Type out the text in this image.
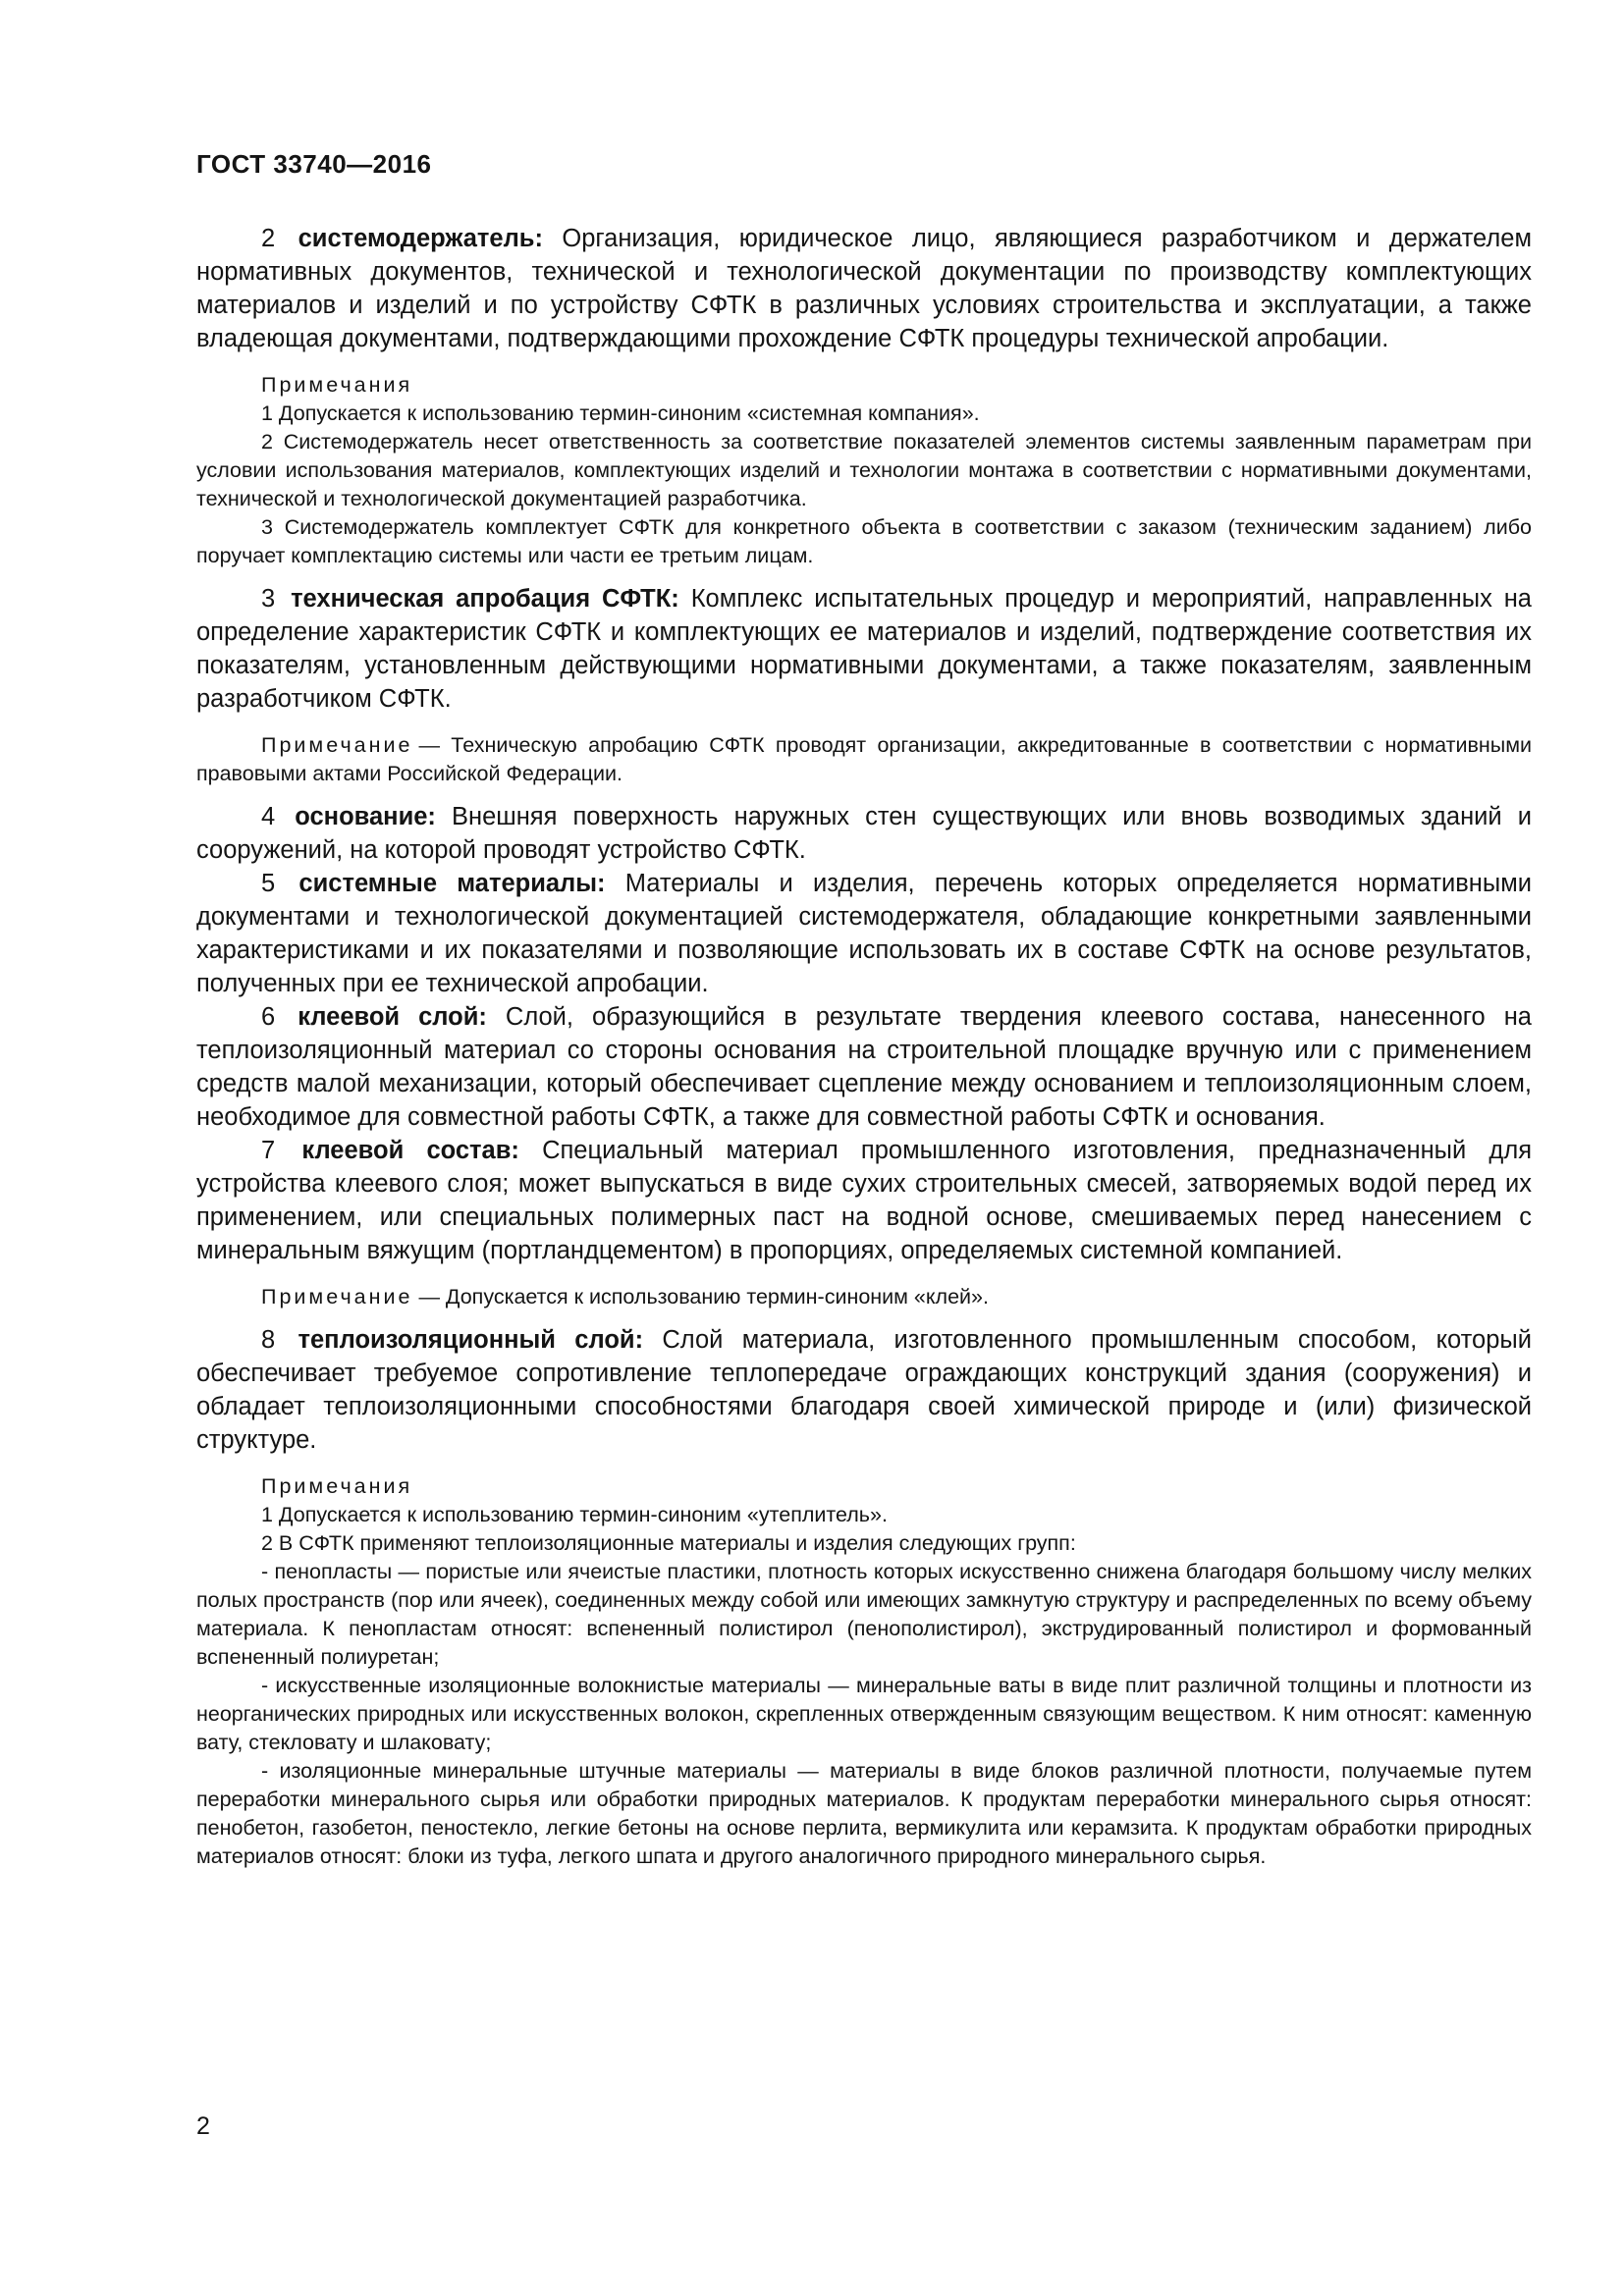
ГОСТ 33740—2016

2 системодержатель: Организация, юридическое лицо, являющиеся разработчиком и держателем нормативных документов, технической и технологической документации по производству комплектующих материалов и изделий и по устройству СФТК в различных условиях строительства и эксплуатации, а также владеющая документами, подтверждающими прохождение СФТК процедуры технической апробации.

Примечания

1 Допускается к использованию термин-синоним «системная компания».

2 Системодержатель несет ответственность за соответствие показателей элементов системы заявленным параметрам при условии использования материалов, комплектующих изделий и технологии монтажа в соответствии с нормативными документами, технической и технологической документацией разработчика.

3 Системодержатель комплектует СФТК для конкретного объекта в соответствии с заказом (техническим заданием) либо поручает комплектацию системы или части ее третьим лицам.

3 техническая апробация СФТК: Комплекс испытательных процедур и мероприятий, направленных на определение характеристик СФТК и комплектующих ее материалов и изделий, подтверждение соответствия их показателям, установленным действующими нормативными документами, а также показателям, заявленным разработчиком СФТК.

Примечание — Техническую апробацию СФТК проводят организации, аккредитованные в соответствии с нормативными правовыми актами Российской Федерации.

4 основание: Внешняя поверхность наружных стен существующих или вновь возводимых зданий и сооружений, на которой проводят устройство СФТК.

5 системные материалы: Материалы и изделия, перечень которых определяется нормативными документами и технологической документацией системодержателя, обладающие конкретными заявленными характеристиками и их показателями и позволяющие использовать их в составе СФТК на основе результатов, полученных при ее технической апробации.

6 клеевой слой: Слой, образующийся в результате твердения клеевого состава, нанесенного на теплоизоляционный материал со стороны основания на строительной площадке вручную или с применением средств малой механизации, который обеспечивает сцепление между основанием и теплоизоляционным слоем, необходимое для совместной работы СФТК, а также для совместной работы СФТК и основания.

7 клеевой состав: Специальный материал промышленного изготовления, предназначенный для устройства клеевого слоя; может выпускаться в виде сухих строительных смесей, затворяемых водой перед их применением, или специальных полимерных паст на водной основе, смешиваемых перед нанесением с минеральным вяжущим (портландцементом) в пропорциях, определяемых системной компанией.

Примечание — Допускается к использованию термин-синоним «клей».

8 теплоизоляционный слой: Слой материала, изготовленного промышленным способом, который обеспечивает требуемое сопротивление теплопередаче ограждающих конструкций здания (сооружения) и обладает теплоизоляционными способностями благодаря своей химической природе и (или) физической структуре.

Примечания

1 Допускается к использованию термин-синоним «утеплитель».

2 В СФТК применяют теплоизоляционные материалы и изделия следующих групп:

- пенопласты — пористые или ячеистые пластики, плотность которых искусственно снижена благодаря большому числу мелких полых пространств (пор или ячеек), соединенных между собой или имеющих замкнутую структуру и распределенных по всему объему материала. К пенопластам относят: вспененный полистирол (пенополистирол), экструдированный полистирол и формованный вспененный полиуретан;

- искусственные изоляционные волокнистые материалы — минеральные ваты в виде плит различной толщины и плотности из неорганических природных или искусственных волокон, скрепленных отвержденным связующим веществом. К ним относят: каменную вату, стекловату и шлаковату;

- изоляционные минеральные штучные материалы — материалы в виде блоков различной плотности, получаемые путем переработки минерального сырья или обработки природных материалов. К продуктам переработки минерального сырья относят: пенобетон, газобетон, пеностекло, легкие бетоны на основе перлита, вермикулита или керамзита. К продуктам обработки природных материалов относят: блоки из туфа, легкого шпата и другого аналогичного природного минерального сырья.

2
